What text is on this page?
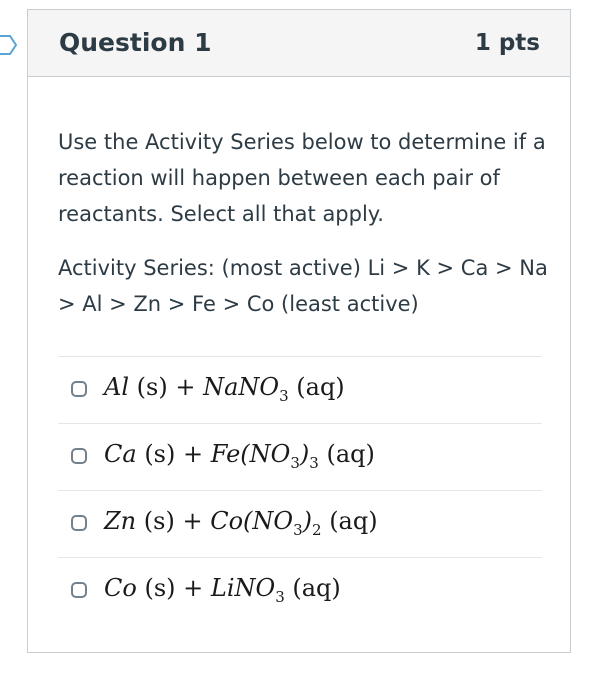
Question 1	1 pts

Use the Activity Series below to determine if a reaction will happen between each pair of reactants. Select all that apply.

Activity Series: (most active) Li > K > Ca > Na > Al > Zn > Fe > Co (least active)

Al (s) + NaNO$_3$ (aq)
Ca $(s) + Fe(NO_3)_3$ (aq)
Zn $(s) + Co(NO_3)_2$ (aq)
Co (s) + LiNO$_3$ (aq)
